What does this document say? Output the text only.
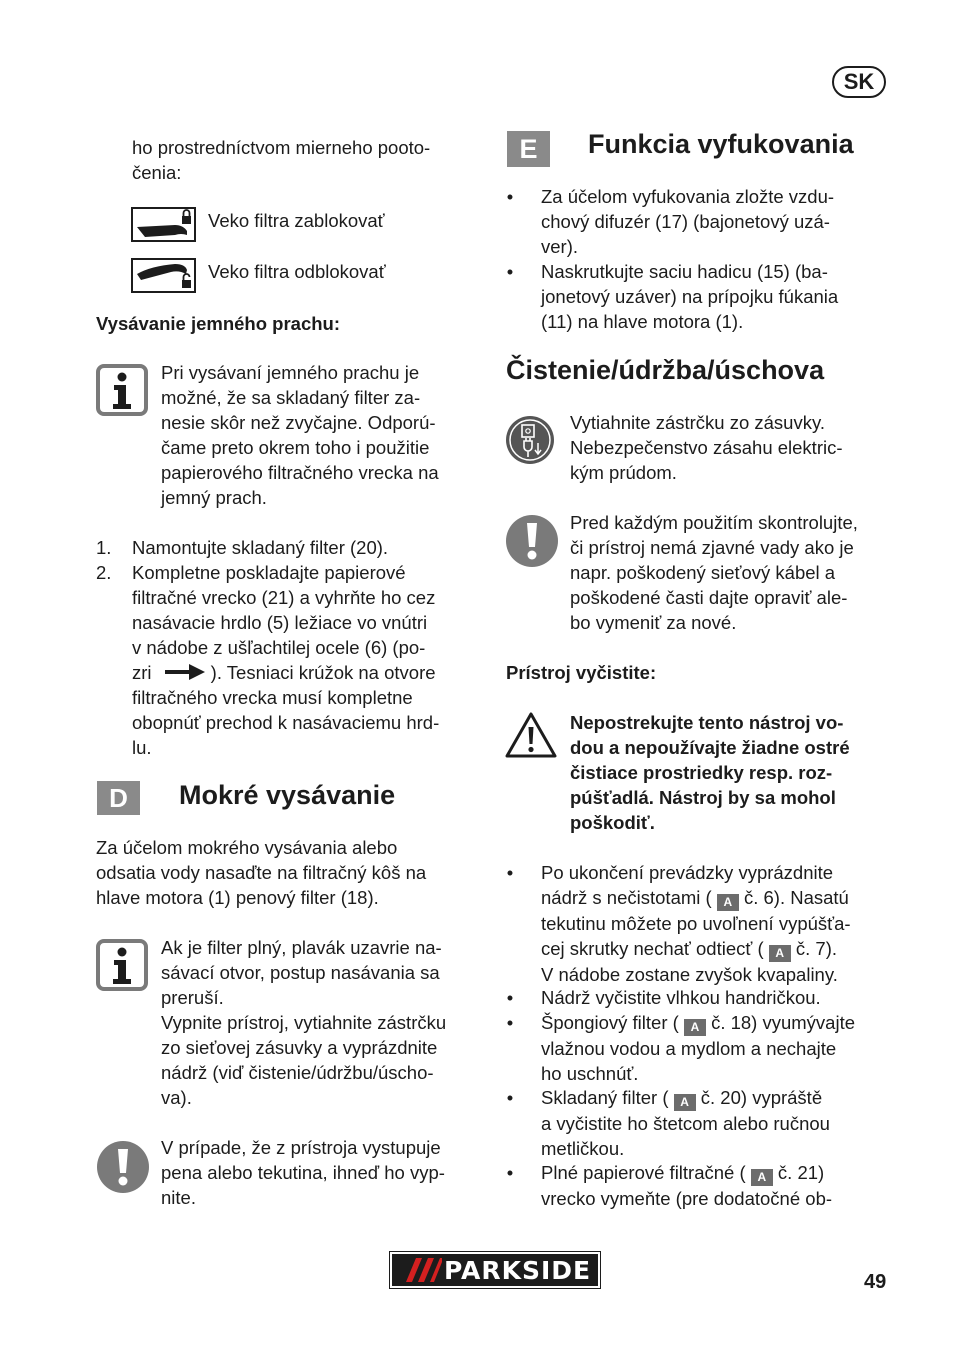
SK
ho prostredníctvom mierneho pooto-
čenia:
Veko filtra zablokovať
Veko filtra odblokovať
Vysávanie jemného prachu:
Pri vysávaní jemného prachu je
možné, že sa skladaný filter za-
nesie skôr než zvyčajne. Odporú-
čame preto okrem toho i použitie
papierového filtračného vrecka na
jemný prach.
1. Namontujte skladaný filter (20).
2. Kompletne poskladajte papierové
filtračné vrecko (21) a vyhrňte ho cez
nasávacie hrdlo (5) ležiace vo vnútri
v nádobe z ušľachtilej ocele (6) (po-
zri	). Tesniaci krúžok na otvore
filtračného vrecka musí kompletne
obopnúť prechod k nasávaciemu hrd-
lu.
D	Mokré vysávanie
Za účelom mokrého vysávania alebo
odsatia vody nasaďte na filtračný kôš na
hlave motora (1) penový filter (18).
Ak je filter plný, plavák uzavrie na-
sávací otvor, postup nasávania sa
preruší.
Vypnite prístroj, vytiahnite zástrčku
zo sieťovej zásuvky a vyprázdnite
nádrž (viď čistenie/údržbu/úscho-
va).
V prípade, že z prístroja vystupuje
pena alebo tekutina, ihneď ho vyp-
nite.
E	Funkcia vyfukovania
• Za účelom vyfukovania zložte vzdu-
chový difuzér (17) (bajonetový uzá-
ver).
• Naskrutkujte saciu hadicu (15) (ba-
jonetový uzáver) na prípojku fúkania
(11) na hlave motora (1).
Čistenie/údržba/úschova
Vytiahnite zástrčku zo zásuvky.
Nebezpečenstvo zásahu elektric-
kým prúdom.
Pred každým použitím skontrolujte,
či prístroj nemá zjavné vady ako je
napr. poškodený sieťový kábel a
poškodené časti dajte opraviť ale-
bo vymeniť za nové.
Prístroj vyčistite:
Nepostrekujte tento nástroj vo-
dou a nepoužívajte žiadne ostré
čistiace prostriedky resp. roz-
púšťadlá. Nástroj by sa mohol
poškodiť.
• Po ukončení prevádzky vyprázdnite
nádrž s nečistotami ( A č. 6). Nasatú
tekutinu môžete po uvoľnení vypúšťa-
cej skrutky nechať odtiecť ( A č. 7).
V nádobe zostane zvyšok kvapaliny.
• Nádrž vyčistite vlhkou handričkou.
• Špongiový filter ( A č. 18) vyumývajte
vlažnou vodou a mydlom a nechajte
ho uschnúť.
• Skladaný filter ( A č. 20) vypráště
a vyčistite ho štetcom alebo ručnou
metličkou.
• Plné papierové filtračné ( A č. 21)
vrecko vymeňte (pre dodatočné ob-
PARKSIDE	49
